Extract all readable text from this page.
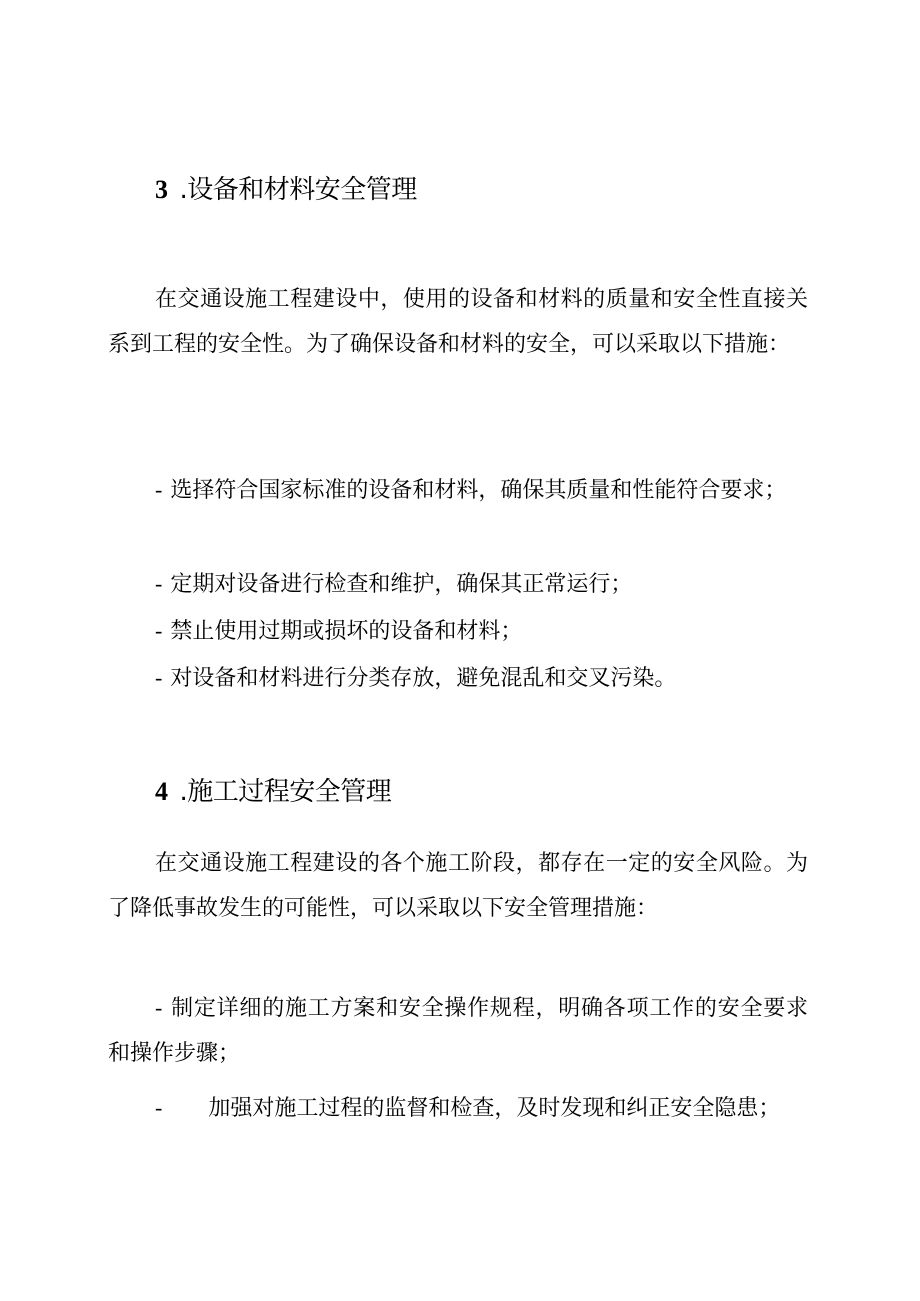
3 .设备和材料安全管理

在交通设施工程建设中，使用的设备和材料的质量和安全性直接关系到工程的安全性。为了确保设备和材料的安全，可以采取以下措施：

- 选择符合国家标准的设备和材料，确保其质量和性能符合要求；

- 定期对设备进行检查和维护，确保其正常运行；

- 禁止使用过期或损坏的设备和材料；

- 对设备和材料进行分类存放，避免混乱和交叉污染。

4 .施工过程安全管理

在交通设施工程建设的各个施工阶段，都存在一定的安全风险。为了降低事故发生的可能性，可以采取以下安全管理措施：

- 制定详细的施工方案和安全操作规程，明确各项工作的安全要求和操作步骤；

- 加强对施工过程的监督和检查，及时发现和纠正安全隐患；
